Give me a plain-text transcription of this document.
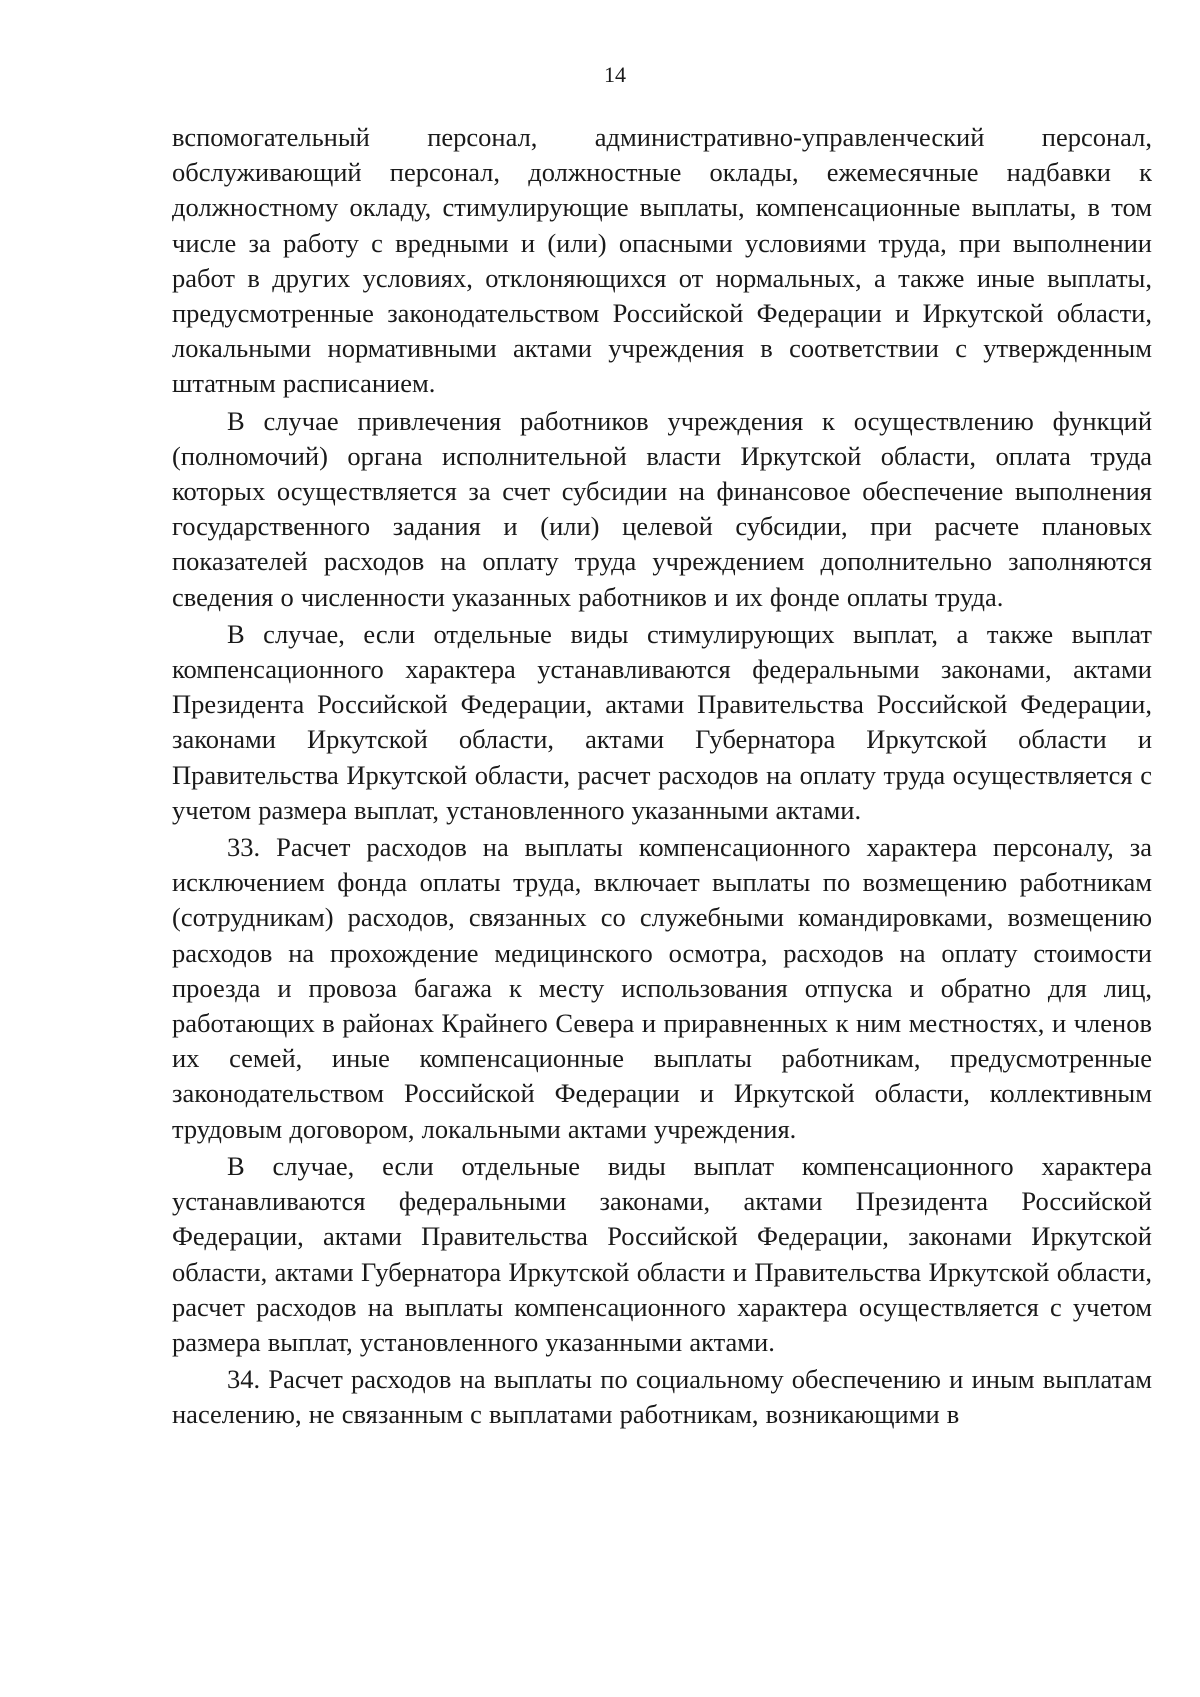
14

вспомогательный персонал, административно-управленческий персонал, обслуживающий персонал, должностные оклады, ежемесячные надбавки к должностному окладу, стимулирующие выплаты, компенсационные выплаты, в том числе за работу с вредными и (или) опасными условиями труда, при выполнении работ в других условиях, отклоняющихся от нормальных, а также иные выплаты, предусмотренные законодательством Российской Федерации и Иркутской области, локальными нормативными актами учреждения в соответствии с утвержденным штатным расписанием.

В случае привлечения работников учреждения к осуществлению функций (полномочий) органа исполнительной власти Иркутской области, оплата труда которых осуществляется за счет субсидии на финансовое обеспечение выполнения государственного задания и (или) целевой субсидии, при расчете плановых показателей расходов на оплату труда учреждением дополнительно заполняются сведения о численности указанных работников и их фонде оплаты труда.

В случае, если отдельные виды стимулирующих выплат, а также выплат компенсационного характера устанавливаются федеральными законами, актами Президента Российской Федерации, актами Правительства Российской Федерации, законами Иркутской области, актами Губернатора Иркутской области и Правительства Иркутской области, расчет расходов на оплату труда осуществляется с учетом размера выплат, установленного указанными актами.

33. Расчет расходов на выплаты компенсационного характера персоналу, за исключением фонда оплаты труда, включает выплаты по возмещению работникам (сотрудникам) расходов, связанных со служебными командировками, возмещению расходов на прохождение медицинского осмотра, расходов на оплату стоимости проезда и провоза багажа к месту использования отпуска и обратно для лиц, работающих в районах Крайнего Севера и приравненных к ним местностях, и членов их семей, иные компенсационные выплаты работникам, предусмотренные законодательством Российской Федерации и Иркутской области, коллективным трудовым договором, локальными актами учреждения.

В случае, если отдельные виды выплат компенсационного характера устанавливаются федеральными законами, актами Президента Российской Федерации, актами Правительства Российской Федерации, законами Иркутской области, актами Губернатора Иркутской области и Правительства Иркутской области, расчет расходов на выплаты компенсационного характера осуществляется с учетом размера выплат, установленного указанными актами.

34. Расчет расходов на выплаты по социальному обеспечению и иным выплатам населению, не связанным с выплатами работникам, возникающими в
